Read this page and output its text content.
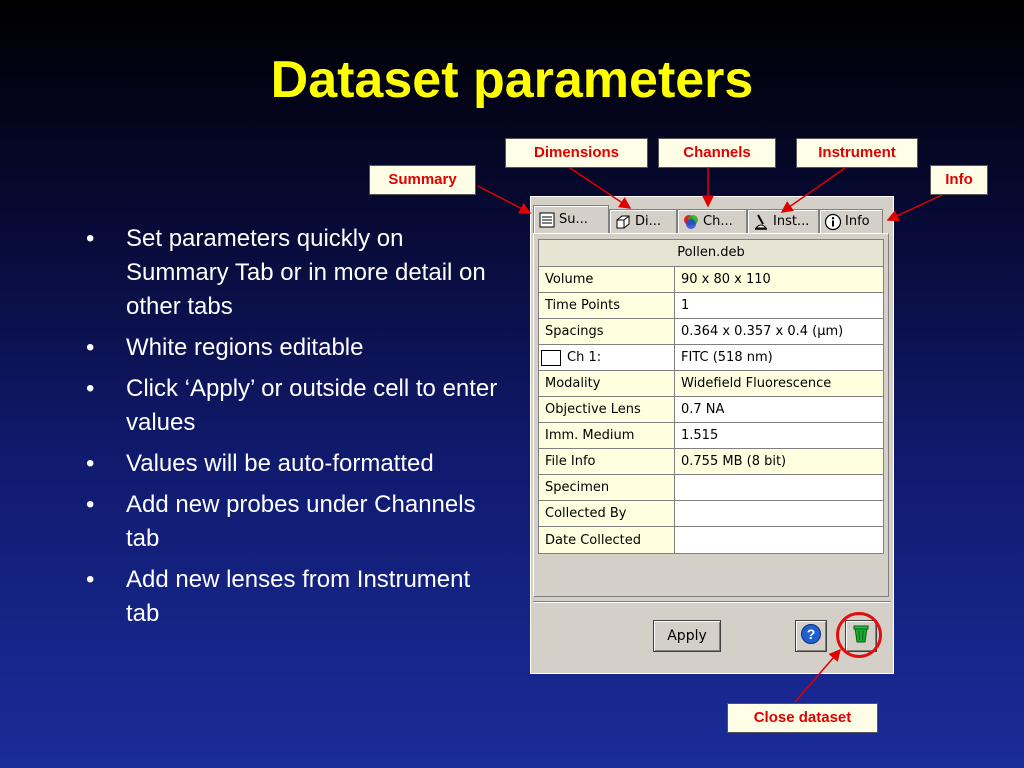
Dataset parameters
• Set parameters quickly on Summary Tab or in more detail on other tabs
• White regions editable
• Click ‘Apply’ or outside cell to enter values
• Values will be auto-formatted
• Add new probes under Channels tab
• Add new lenses from Instrument tab
Summary
Dimensions	Channels	Instrument
Info
Close dataset
Su...	Di...	Ch...	Inst...	Info
Pollen.deb
Volume	90 x 80 x 110
Time Points	1
Spacings	0.364 x 0.357 x 0.4 (µm)
Ch 1:	FITC (518 nm)
Modality	Widefield Fluorescence
Objective Lens	0.7 NA
Imm. Medium	1.515
File Info	0.755 MB (8 bit)
Specimen
Collected By
Date Collected
Apply	?
